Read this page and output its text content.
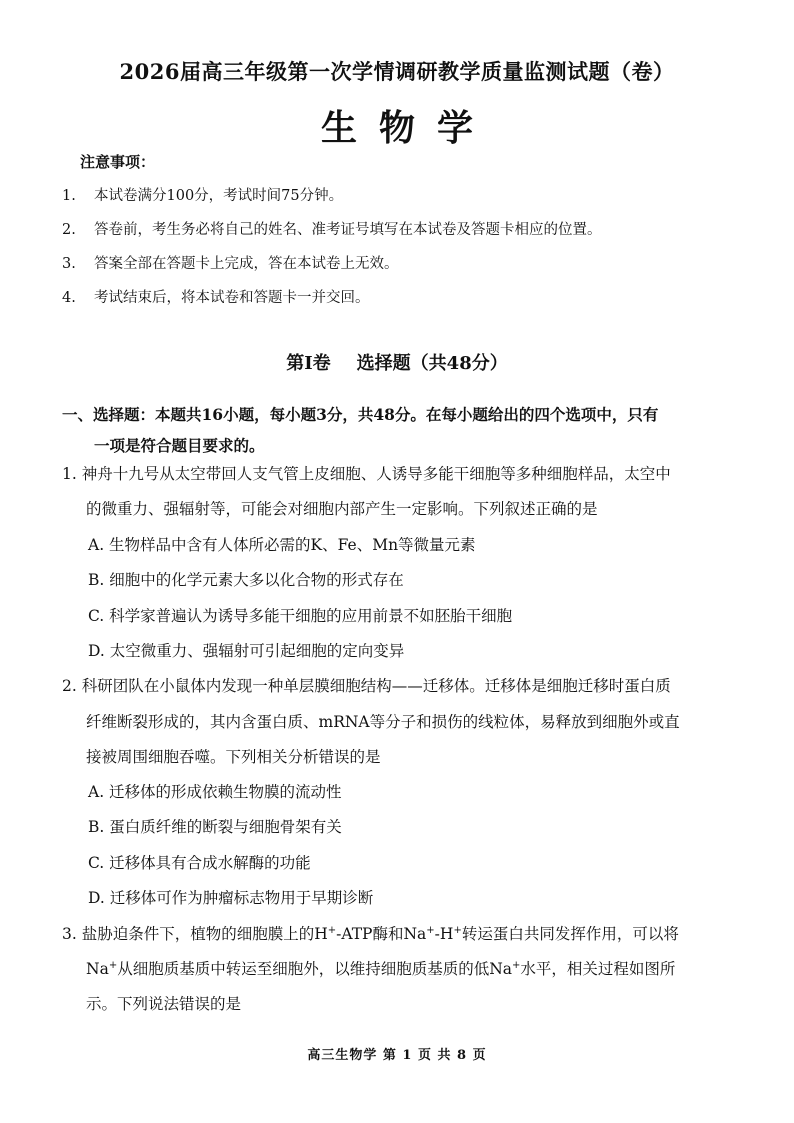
2026届高三年级第一次学情调研教学质量监测试题（卷）
生物学
注意事项：
1. 本试卷满分100分，考试时间75分钟。
2. 答卷前，考生务必将自己的姓名、准考证号填写在本试卷及答题卡相应的位置。
3. 答案全部在答题卡上完成，答在本试卷上无效。
4. 考试结束后，将本试卷和答题卡一并交回。
第I卷 选择题（共48分）
一、选择题：本题共16小题，每小题3分，共48分。在每小题给出的四个选项中，只有
一项是符合题目要求的。
1. 神舟十九号从太空带回人支气管上皮细胞、人诱导多能干细胞等多种细胞样品，太空中
的微重力、强辐射等，可能会对细胞内部产生一定影响。下列叙述正确的是
A. 生物样品中含有人体所必需的K、Fe、Mn等微量元素
B. 细胞中的化学元素大多以化合物的形式存在
C. 科学家普遍认为诱导多能干细胞的应用前景不如胚胎干细胞
D. 太空微重力、强辐射可引起细胞的定向变异
2. 科研团队在小鼠体内发现一种单层膜细胞结构——迁移体。迁移体是细胞迁移时蛋白质
纤维断裂形成的，其内含蛋白质、mRNA等分子和损伤的线粒体，易释放到细胞外或直
接被周围细胞吞噬。下列相关分析错误的是
A. 迁移体的形成依赖生物膜的流动性
B. 蛋白质纤维的断裂与细胞骨架有关
C. 迁移体具有合成水解酶的功能
D. 迁移体可作为肿瘤标志物用于早期诊断
3. 盐胁迫条件下，植物的细胞膜上的H+-ATP酶和Na+-H+转运蛋白共同发挥作用，可以将
Na+从细胞质基质中转运至细胞外，以维持细胞质基质的低Na+水平，相关过程如图所
示。下列说法错误的是
高三生物学 第 1 页 共 8 页
